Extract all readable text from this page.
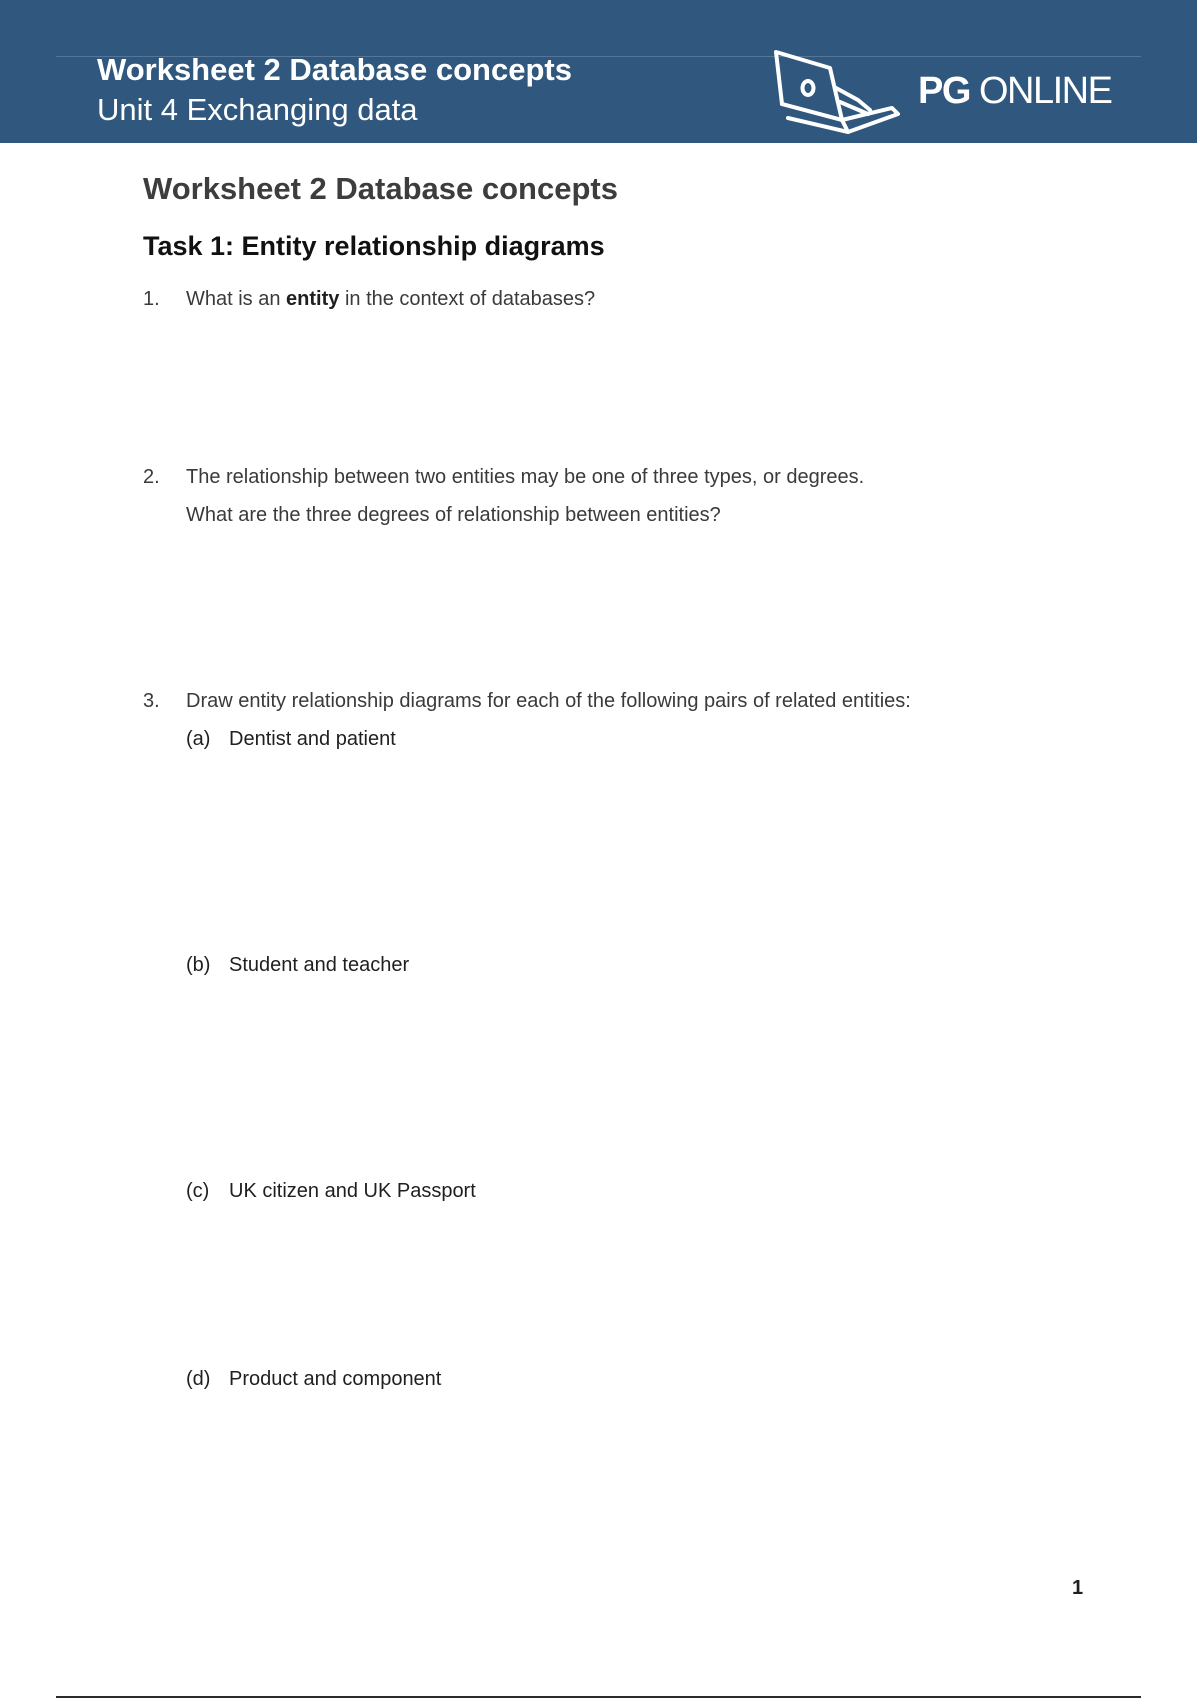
Worksheet 2 Database concepts
Unit 4 Exchanging data	PG ONLINE
Worksheet 2 Database concepts
Task 1: Entity relationship diagrams
1. What is an entity in the context of databases?
2. The relationship between two entities may be one of three types, or degrees.
What are the three degrees of relationship between entities?
3. Draw entity relationship diagrams for each of the following pairs of related entities:
(a) Dentist and patient
(b) Student and teacher
(c) UK citizen and UK Passport
(d) Product and component
1
